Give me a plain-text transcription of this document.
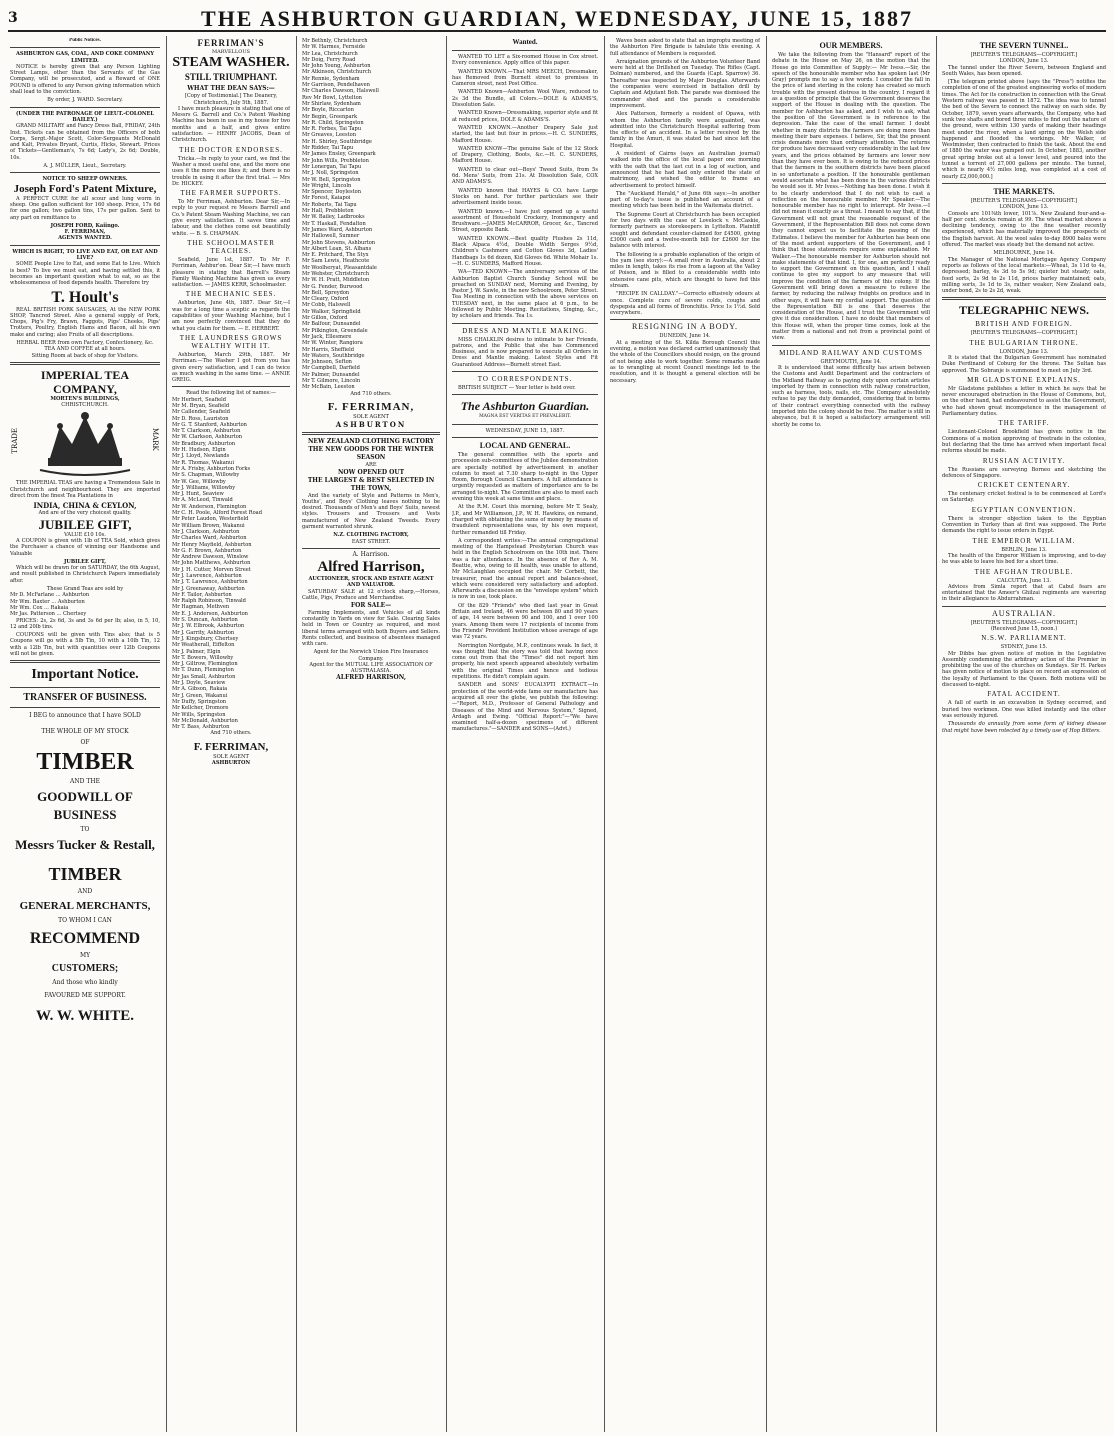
3	THE ASHBURTON GUARDIAN, WEDNESDAY, JUNE 15, 1887
Public Notices.
ASHBURTON GAS, COAL, AND COKE COMPANY LIMITED.

NOTICE is hereby given that any Person Lighting Street Lamps, other than the Servants of the Gas Company, will be prosecuted, and a Reward of ONE POUND is offered to any Person giving information which shall lead to the conviction.

By order, J. WARD. Secretary.
(UNDER THE PATRONAGE OF LIEUT.-COLONEL BAILEY.)

GRAND MILITARY and Fancy Dress Ball, FRIDAY, 24th Inst. Tickets can be obtained from the Officers of both Corps, Sergt.-Major Scott, Color-Sergeants McDonald and Kalt, Privates Bryant, Curtis, Hicks, Stewart. Prices of Tickets—Gentleman's, 7s 6d; Lady's, 2s 6d; Double, 10s.

A. J. MÜLLER, Lieut., Secretary.
NOTICE TO SHEEP OWNERS.
Joseph Ford's Patent Mixture,

A PERFECT CURE for all scour and lung worm in sheep. One gallon sufficient for 160 sheep. Price, 17s 6d for one gallon; two gallon tins, 17s per gallon. Sent to any part on remittance to

JOSEPH FORD, Kaiingo.
F. FERRIMAN,
AGENTS WANTED.
WHICH IS RIGHT, TO LIVE AND EAT, OR EAT AND LIVE?

SOME People Live to Eat, and some Eat to Live. Which is best? To live we must eat, and having settled this, it becomes an important question what to eat, so as the wholesomeness of food depends health. Therefore try

T. Hoult's

REAL BRITISH PORK SAUSAGES, At the NEW PORK SHOP, Tancred Street. Also a general supply of Pork, Chops, Pig's Fry, Brawn, Faggots, Pigs' Cheeks, Pigs' Trotters, Poultry, English Hams and Bacon, all his own make and curing; also Fruits of all descriptions.

HERBAL BEER from own Factory, Confectionery, &c.
TEA AND COFFEE at all hours.
Sitting Room at back of shop for Visitors.
IMPERIAL TEA COMPANY,
MORTEN'S BUILDINGS,
CHRISTCHURCH.
TRADE	MARK

THE IMPERIAL TEAS are having a Tremendous Sale in Christchurch and neighbourhood. They are imported direct from the finest Tea Plantations in

INDIA, CHINA & CEYLON,
And are of the very choicest quality.
JUBILEE GIFT,
VALUE £10 10s.

A COUPON is given with 1lb of TEA Sold, which gives the Purchaser a chance of winning our Handsome and Valuable

JUBILEE GIFT,

Which will be drawn for on SATURDAY, the 6th August, and result published in Christchurch Papers immediately after.

These Grand Teas are sold by
Mr D. McFarlane ... Ashburton
Mr Wm. Baxter ... Ashburton
Mr Wm. Cox ... Rakaia
Mr Jas. Patterson ... Chertsey

PRICES: 2s, 2s 6d, 3s and 3s 6d per lb; also, in 5, 10, 12 and 20lb tins.

COUPONS will be given with Tins also; that is 5 Coupons will go with a 5lb Tin, 10 with a 10lb Tin, 12 with a 12lb Tin, but with quantities over 12lb Coupons will not be given.

Important Notice.
TRANSFER OF BUSINESS.
I BEG to announce that I have SOLD
THE WHOLE OF MY STOCK
OF
TIMBER
AND THE
GOODWILL OF BUSINESS
TO
Messrs Tucker & Restall,
TIMBER
AND
GENERAL MERCHANTS,
TO WHOM I CAN
RECOMMEND
MY
CUSTOMERS;
And those who kindly
FAVOURED ME SUPPORT.
W. W. WHITE.
FERRIMAN'S
MARVELLOUS
STEAM WASHER.
STILL TRIUMPHANT.
WHAT THE DEAN SAYS:—
[Copy of Testimonial.] The Deanery, Christchurch, July 5th, 1887.

I have much pleasure in stating that one of Messrs G. Barrell and Co.'s Patent Washing Machine has been in use in my house for two months and a half, and gives entire satisfaction. — HENRY JACOBS, Dean of Christchurch.

THE DOCTOR ENDORSES.

Tricka.—In reply to your card, we find the Washer a most useful one, and the more one uses it the more one likes it; and there is no trouble in using it after the first trial. — Mrs Dr. HICKEY.

THE FARMER SUPPORTS.

To Mr Ferriman, Ashburton. Dear Sir,—In reply to your request re Messrs Barrell and Co.'s Patent Steam Washing Machine, we can give every satisfaction. It saves time and labour, and the clothes come out beautifully white. — B. S. CHAPMAN.

THE SCHOOLMASTER TEACHES.

Seafield, June 1st, 1887. To Mr F. Ferriman, Ashbur'on. Dear Sir,—I have much pleasure in stating that Barrell's Steam Family Washing Machine has given us every satisfaction. — JAMES KERR, Schoolmaster.

THE MECHANIC SEES.

Ashburton, June 4th, 1887. Dear Sir,—I was for a long time a sceptic as regards the capabilities of your Washing Machine, but I am now perfectly convinced that they do what you claim for them. — E. HERBERT.

THE LAUNDRESS GROWS WEALTHY WITH IT.

Ashburton, March 29th, 1887. Mr Ferriman.—The Washer I got from you has given every satisfaction, and I can do twice as much washing in the same time. — ANNIE GREIG.

Read the following list of names:—
Mr Herbert, Seafield
Mr M. Bryan, Seafield
Mr Callender, Seafield
Mr D. Ross, Lauriston
Mr G. T. Stanford, Ashburton
Mr T. Clarkson, Ashburton
Mr W. Clarkson, Ashburton
Mr Bradbury, Ashburton
Mr H. Hudson, Elgin
Mr J. Lloyd, Newlands
Mr R. Thomas, Wakanui
Mr A. Frisby, Ashburton Forks
Mr S. Chapman, Willowby
Mr W. Gee, Willowby
Mr J. Williams, Willowby
Mr J. Hunt, Seaview
Mr A. McLeod, Tinwald
Mr W. Anderson, Flemington
Mr C. H. Poole, Alford Forest Road
Mr Peter Laudon, Westerfield
Mr William Brown, Wakanui
Mr J. Clarkson, Ashburton
Mr Charles Ward, Ashburton
Mr Henry Mayfield, Ashburton
Mr G. F. Brown, Ashburton
Mr Andrew Dawson, Winslow
Mr John Matthews, Ashburton
Mr J. H. Cutter, Morven Street
Mr J. Lawrence, Ashburton
Mr J. T. Lawrence, Ashburton
Mr J. Greenaway, Ashburton
Mr F. Tailor, Ashburton
Mr Ralph Robinson, Tinwald
Mr Hagman, Methven
Mr E. J. Anderson, Ashburton
Mr S. Duncan, Ashburton
Mr J. W. Elbrook, Ashburton
Mr J. Garrity, Ashburton
Mr J. Kingsbury, Chertsey
Mr Weatherall, Eiffelton
Mr J. Palmer, Elgin
Mr T. Bowers, Willowby
Mr J. Giltrow, Flemington
Mr T. Dunn, Flemington
Mr Jas Small, Ashburton
Mr J. Doyle, Seaview
Mr A. Gibson, Rakaia
Mr J. Green, Wakanui
Mr Duffy, Springston
Mr Kellcher, Dromore
Mr Wills, Springston
Mr McDonald, Ashburton
Mr T. Bass, Ashburton
And 710 others.
F. FERRIMAN,
SOLE AGENT
ASHBURTON
Mr Bethnly, Christchurch
Mr W. Harmes, Fernside
Mr Lea, Christchurch
Mr Doig, Ferry Road
Mr John Young, Ashburton
Mr Atkinson, Christchurch
Mr Rennie, Sydenham
Mr Garrison, Pendelhaven
Mr Charles Dawson, Halswell
Rev Mr Bowl, Lyttelton
Mr Shirlaw, Sydenham
Mr Boyle, Riccarton
Mr Begin, Greenpark
Mr R. Child, Springston
Mr R. Forbes, Tai Tapu
Mr Greaves, Leeston
Mr H. Shirley, Southbridge
Mr Ridder, Tai Tapu
Mr James Ensley, Greenpark
Mr John Wills, Prebbleton
Mr Lonergan, Tai Tapu
Mr J. Noll, Springston
Mr W. Bell, Springston
Mr Wright, Lincoln
Mr Spencer, Doyleston
Mr Forest, Kaiapoi
Mr Roberts, Tai Tapu
Mr Hall, Prebbleton
Mr W. Bailey, Ladbrooks
Mr T. Haskall, Fendalton
Mr James Ward, Ashburton
Mr Hallowell, Sumner
Mr John Stevens, Ashburton
Mr Albert Lean, St. Albans
Mr E. Pritchard, The Styx
Mr Sam Lewis, Heathcote
Mr Woolheryat, Pleasantdale
Mr Webster, Christchurch
Mr W. H. Pratt, Middleton
Mr G. Fender, Burwood
Mr Bell, Spreydon
Mr Cleary, Oxford
Mr Cobb, Halswell
Mr Walker, Springfield
Mr Gillon, Oxford
Mr Balfour, Dunsandel
Mr Pilkington, Greendale
Mr Jack, Ellesmere
Mr W. Winter, Rangiora
Mr Harris, Sheffield
Mr Waters, Southbridge
Mr Johnson, Sefton
Mr Campbell, Darfield
Mr Palmer, Dunsandel
Mr T. Gilmore, Lincoln
Mr McBain, Leeston
And 710 others.
F. FERRIMAN,
SOLE AGENT
ASHBURTON
NEW ZEALAND CLOTHING FACTORY
THE NEW GOODS FOR THE WINTER SEASON
ARE
NOW OPENED OUT
THE LARGEST & BEST SELECTED IN THE TOWN,

And the variety of Style and Patterns in Men's, Youths', and Boys' Clothing leaves nothing to be desired. Thousands of Men's and Boys' Suits, newest styles. Trousers and Trousers and Vests manufactured of New Zealand Tweeds. Every garment warranted shrunk.

N.Z. CLOTHING FACTORY,
EAST STREET.
A. Harrison.
Alfred Harrison,
AUCTIONEER, STOCK AND ESTATE AGENT AND VALUATOR.

SATURDAY SALE at 12 o'clock sharp,—Horses, Cattle, Pigs, Produce and Merchandise.

FOR SALE—

Farming Implements, and Vehicles of all kinds constantly in Yards on view for Sale. Clearing Sales held in Town or Country as required, and most liberal terms arranged with both Buyers and Sellers. Rents collected, and business of absentees managed with care.

Agent for the Norwich Union Fire Insurance Company.
Agent for the MUTUAL LIFE ASSOCIATION OF AUSTRALASIA.
ALFRED HARRISON,
Wanted.

WANTED TO LET a Six-roomed House in Cox street. Every convenience. Apply office of this paper.

WANTED KNOWN.—That MRS MEECH, Dressmaker, has Removed from Burnett street to premises in Cameron street, next Post Office.

WANTED Known—Ashburton Wool Ware, reduced to 2s 3d the Bundle, all Colors.—DOLE & ADAMS'S, Dissolution Sale.

WANTED Known—Dressmaking, superior style and fit at reduced prices, DOLE & ADAMS'S.

WANTED KNOWN.—Another Drapery Sale just started, the last but four in prices.—H. C. SUNDERS, Mafford House.

WANTED KNOW—The genuine Sale of the 12 Stock of Drapery, Clothing, Boots, &c.—H. C. SUNDERS, Mafford House.

WANTED to clear out—Boys' Tweed Suits, from 5s 6d. Mens' Suits, from 21s. At Dissolution Sale, COX AND ADAMS'S.

WANTED known that HAYES & CO. have Large Stocks on hand. For further particulars see their advertisement inside issue.

WANTED known.—I have just opened up a useful assortment of Household Crockery, Ironmongery and Brushware.—JAMES McCARROR, Grocer, &c., Tancred Street, opposite Bank.

WANTED KNOWN.—Best quality Flushes 2s 11d, Black Alpaca 4½d, Double Width Serges 9½d, Children's Cashmere and Cotton Gloves 3d, Ladies' Handbags 1s 6d dozen, Kid Gloves 6d. White Mohair 1s.—H. C. SUNDERS, Mafford House.

WA—TED KNOWN—The anniversary services of the Ashburton Baptist Church Sunday School will be preached on SUNDAY next, Morning and Evening, by Pastor J. W. Sawle, in the new Schoolroom, Peter Street. Tea Meeting in connection with the above services on TUESDAY next, in the same place at 6 p.m., to be followed by Public Meeting. Recitations, Singing, &c., by scholars and friends. Tea 1s.

DRESS AND MANTLE MAKING.

MISS CHALKLIN desires to intimate to her Friends, patrons, and the Public that she has Commenced Business, and is now prepared to execute all Orders in Dress and Mantle making. Latest Styles and Fit Guaranteed Address—Burnett street East.

TO CORRESPONDENTS.

BRITISH SUBJECT — Your letter is held over.

The Ashburton Guardian.
MAGNA EST VERITAS ET PREVALEBIT.
WEDNESDAY, JUNE 15, 1887.
LOCAL AND GENERAL.

The general committee with the sports and procession sub-committees of the Jubilee demonstration are specially notified by advertisement in another column to meet at 7.30 sharp to-night in the Upper Room, Borough Council Chambers. A full attendance is urgently requested as matters of importance are to be arranged to-night. The Committee are also to meet each evening this week at same time and place.

At the R.M. Court this morning, before Mr T. Sealy, J.P., and Mr Williamson, J.P., W. H. Hawkins, on remand, charged with obtaining the sums of money by means of fraudulent representations was, by his own request, further remanded till Friday.

A correspondent writes:—The annual congregational meeting of the Hampstead Presbyterian Church was held in the English Schoolroom on the 10th inst. There was a fair attendance. In the absence of Rev A. M. Beattie, who, owing to ill health, was unable to attend, Mr McLaughlan occupied the chair. Mr Corbett, the treasurer, read the annual report and balance-sheet, which were considered very satisfactory and adopted. Afterwards a discussion on the "envelope system" which is now in use, took place.

Of the 829 "Friends" who died last year in Great Britain and Ireland, 46 were between 80 and 90 years of age, 14 were between 90 and 100, and 1 over 100 years. Among them were 17 recipients of income from the Friends' Provident Institution whose average of age was 72 years.

Norrington Nordgate, M.P., continues weak. In fact, it was thought that the story was told that having once come out from that the "Times" did not report him properly, his next speech appeared absolutely verbatim with the original Times and hence and tedious repetitions. He didn't complain again.

SANDER and SONS' EUCALYPTI EXTRACT.—In protection of the world-wide fame our manufacture has acquired all over the globe, we publish the following:—"Report, M.D., Professor of General Pathology and Diseases of the Mind and Nervous System," Signed, Ardagh and Ewing. "Official Report:"—"We have examined half-a-dozen specimens of different manufactures."—SANDER and SONS—(Advt.)

Waves been asked to state that an improptu meeting of the Ashburton Fire Brigade is tabulate this evening. A full attendance of Members is requested.

Arraignation grounds of the Ashburton Volunteer Band were held at the Drillshed on Tuesday. The Rifles (Capt. Dolman) numbered, and the Guards (Capt. Sparrow) 36. Thereafter was inspected by Major Douglas. Afterwards the companies were exercised in battalion drill by Captain and Adjutant Bob. The parade was dismissed the commander shed and the parade a considerable improvement.

Alex Patterson, formerly a resident of Opawa, with whom the Ashburton family were acquainted, was admitted into the Christchurch Hospital suffering from the effects of an accident. In a letter received by the family in the Amuri, it was stated he had since left the Hospital.

A resident of Cairns (says an Australian journal) walked into the office of the local paper one morning with the oath that the last cut in a log of suction, and announced that he had had only entered the state of matrimony, and wished the editor to frame an advertisement to protect himself.

The "Auckland Herald," of June 6th says:—In another part of to-day's issue is published an account of a meeting which has been held in the Waitemata district.

The Supreme Court at Christchurch has been occupied for two days with the case of Lovelock v. McCaskie, formerly partners as storekeepers in Lyttelton. Plaintiff sought and defendant counter-claimed for £4500, giving £3000 cash and a twelve-month bill for £2600 for the balance with interest.

The following is a probable explanation of the origin of the yam (see story):—A small river in Australia, about 2 miles in length, takes its rise from a lagoon at the Valley of Poison, and is filled to a considerable width into extensive cane pits, which are thought to have fed this stream.

"RECIPE IN CALLDAY."—Correcto effusively odours at once. Complete cure of severe colds, coughs and dyspepsia and all forms of Bronchitis. Price 1s 1½d. Sold everywhere.

RESIGNING IN A BODY.
DUNEDIN, June 14.

At a meeting of the St. Kilda Borough Council this evening, a motion was declared carried unanimously that the whole of the Councillors should resign, on the ground of not being able to work together. Some remarks made as to wrangling at recent Council meetings led to the resolution, and it is thought a general election will be necessary.

OUR MEMBERS.

We take the following from the "Hansard" report of the debate in the House on May 26, on the motion that the House go into Committee of Supply:— Mr Ivess.—Sir, the speech of the honourable member who has spoken last (Mr Gray) prompts me to say a few words. I consider the fall in the price of land sterling in the colony has created so much trouble with the present distress in the country. I regard it as a question of principle that the Government deserves the support of the House in dealing with the question. The member for Ashburton has asked, and I wish to ask, what the position of the Government is in reference to the depression. Take the case of the small farmer. I doubt whether in many districts the farmers are doing more than meeting their bare expenses. I believe, Sir, that the present crisis demands more than ordinary attention. The returns for produce have decreased very considerably in the last few years, and the prices obtained by farmers are lower now than they have ever been. It is owing to the reduced prices that the farmers in the southern districts have been placed in so unfortunate a position. If the honourable gentleman would ascertain what has been done in the various districts he would see it. Mr Ivess.—Nothing has been done. I wish it to be clearly understood that I do not wish to cast a reflection on the honourable member. Mr Speaker.—The honourable member has no right to interrupt. Mr Ivess.—I did not mean it exactly as a threat. I meant to say that, if the Government will not grant the reasonable request of the Government, if the Representation Bill does not come down they cannot expect us to facilitate the passing of the Estimates. I believe the member for Ashburton has been one of the most ardent supporters of the Government, and I think that those statements require some explanation. Mr Walker.—The honourable member for Ashburton should not make statements of that kind. I, for one, am perfectly ready to support the Government on this question, and I shall continue to give my support to any measure that will improve the condition of the farmers of this colony. If the Government will bring down a measure to relieve the farmer, by reducing the railway freights on produce and in other ways, it will have my cordial support. The question of the Representation Bill is one that deserves the consideration of the House, and I trust the Government will give it due consideration. I have no doubt that members of this House will, when the proper time comes, look at the matter from a national and not from a provincial point of view.

MIDLAND RAILWAY AND CUSTOMS
GREYMOUTH, June 14.

It is understood that some difficulty has arisen between the Customs and Audit Department and the contractors of the Midland Railway as to paying duty upon certain articles imported by them in connection with railway construction, such as harness, tools, nails, etc. The Company absolutely refuse to pay the duty demanded, considering that in terms of their contract everything connected with the railway imported into the colony should be free. The matter is still in abeyance, but it is hoped a satisfactory arrangement will shortly be come to.

THE SEVERN TUNNEL.
[REUTER'S TELEGRAMS—COPYRIGHT.]
LONDON, June 13.

The tunnel under the River Severn, between England and South Wales, has been opened.

[The telegram printed above (says the "Press") notifies the completion of one of the greatest engineering works of modern times. The Act for its construction in connection with the Great Western railway was passed in 1872. The idea was to tunnel the bed of the Severn to connect the railway on each side. By October, 1879, seven years afterwards, the Company, who had sunk two shafts and bored three miles to find out the nature of the ground, were within 130 yards of making their headings meet under the river, when a land spring on the Welsh side happened and flooded the workings. Mr Walker, of Westminster, then contracted to finish the task. About the end of 1880 the water was pumped out. In October, 1883, another great spring broke out at a lower level, and poured into the tunnel a torrent of 27,000 gallons per minute. The tunnel, which is nearly 4½ miles long, was completed at a cost of nearly £2,000,000.]

THE MARKETS.
[REUTER'S TELEGRAMS—COPYRIGHT.]
LONDON, June 13.

Consols are 101⅜th lower, 101⅞. New Zealand four-and-a-half per cent. stocks remain at 99. The wheat market shows a declining tendency, owing to the fine weather recently experienced, which has materially improved the prospects of the English harvest. At the wool sales to-day 8900 bales were offered. The market was steady but the demand not active.

MELBOURNE, June 14.

The Manager of the National Mortgage Agency Company reports as follows of the local markets:—Wheat, 3s 11d to 4s, depressed; barley, 4s 3d to 5s 9d; quieter but steady; oats, feed sorts, 2s 9d to 2s 11d, prices barley maintained; oats, milling sorts, 3s 1d to 3s, rather weaker; New Zealand oats, under bond, 2s to 2s 2d, weak.

TELEGRAPHIC NEWS.
BRITISH AND FOREIGN.
[REUTER'S TELEGRAMS—COPYRIGHT.]
THE BULGARIAN THRONE.
LONDON, June 13.

It is stated that the Bulgarian Government has nominated Duke Ferdinand of Coburg for the throne. The Sultan has approved. The Sobranje is summoned to meet on July 3rd.

MR GLADSTONE EXPLAINS.

Mr Gladstone publishes a letter in which he says that he never encouraged obstruction in the House of Commons, but, on the other hand, had endeavoured to assist the Government, who had shown great incompetence in the management of Parliamentary duties.

THE TARIFF.

Lieutenant-Colonel Brookfield has given notice in the Commons of a motion approving of freetrade in the colonies, but declaring that the time has arrived when important fiscal reforms should be made.

RUSSIAN ACTIVITY.

The Russians are surveying Borneo and sketching the defences of Singapore.

CRICKET CENTENARY.

The centenary cricket festival is to be commenced at Lord's on Saturday.

EGYPTIAN CONVENTION.

There is stronger objection taken to the Egyptian Convention in Turkey than at first was supposed. The Porte demands the right to issue orders in Egypt.

THE EMPEROR WILLIAM.
BERLIN, June 13.

The health of the Emperor William is improving, and to-day he was able to leave his bed for a short time.

THE AFGHAN TROUBLE.
CALCUTTA, June 13.

Advices from Simla report that at Cabul fears are entertained that the Ameer's Ghilzai regiments are wavering in their allegiance to Abdurrahman.

AUSTRALIAN.
[REUTER'S TELEGRAMS—COPYRIGHT.]
(Received June 15, noon.)
N.S.W. PARLIAMENT.
SYDNEY, June 15.

Mr Dibbs has given notice of motion in the Legislative Assembly condemning the arbitrary action of the Premier in prohibiting the use of the churches on Sundays. Sir H. Parkes has given notice of motion to place on record an expression of the loyalty of Parliament to the Queen. Both motions will be discussed to-night.

FATAL ACCIDENT.

A fall of earth in an excavation in Sydney occurred, and buried two workmen. One was killed instantly and the other was seriously injured.

Thousands do annually from some form of kidney disease that might have been rotected by a timely use of Hop Bitters.
